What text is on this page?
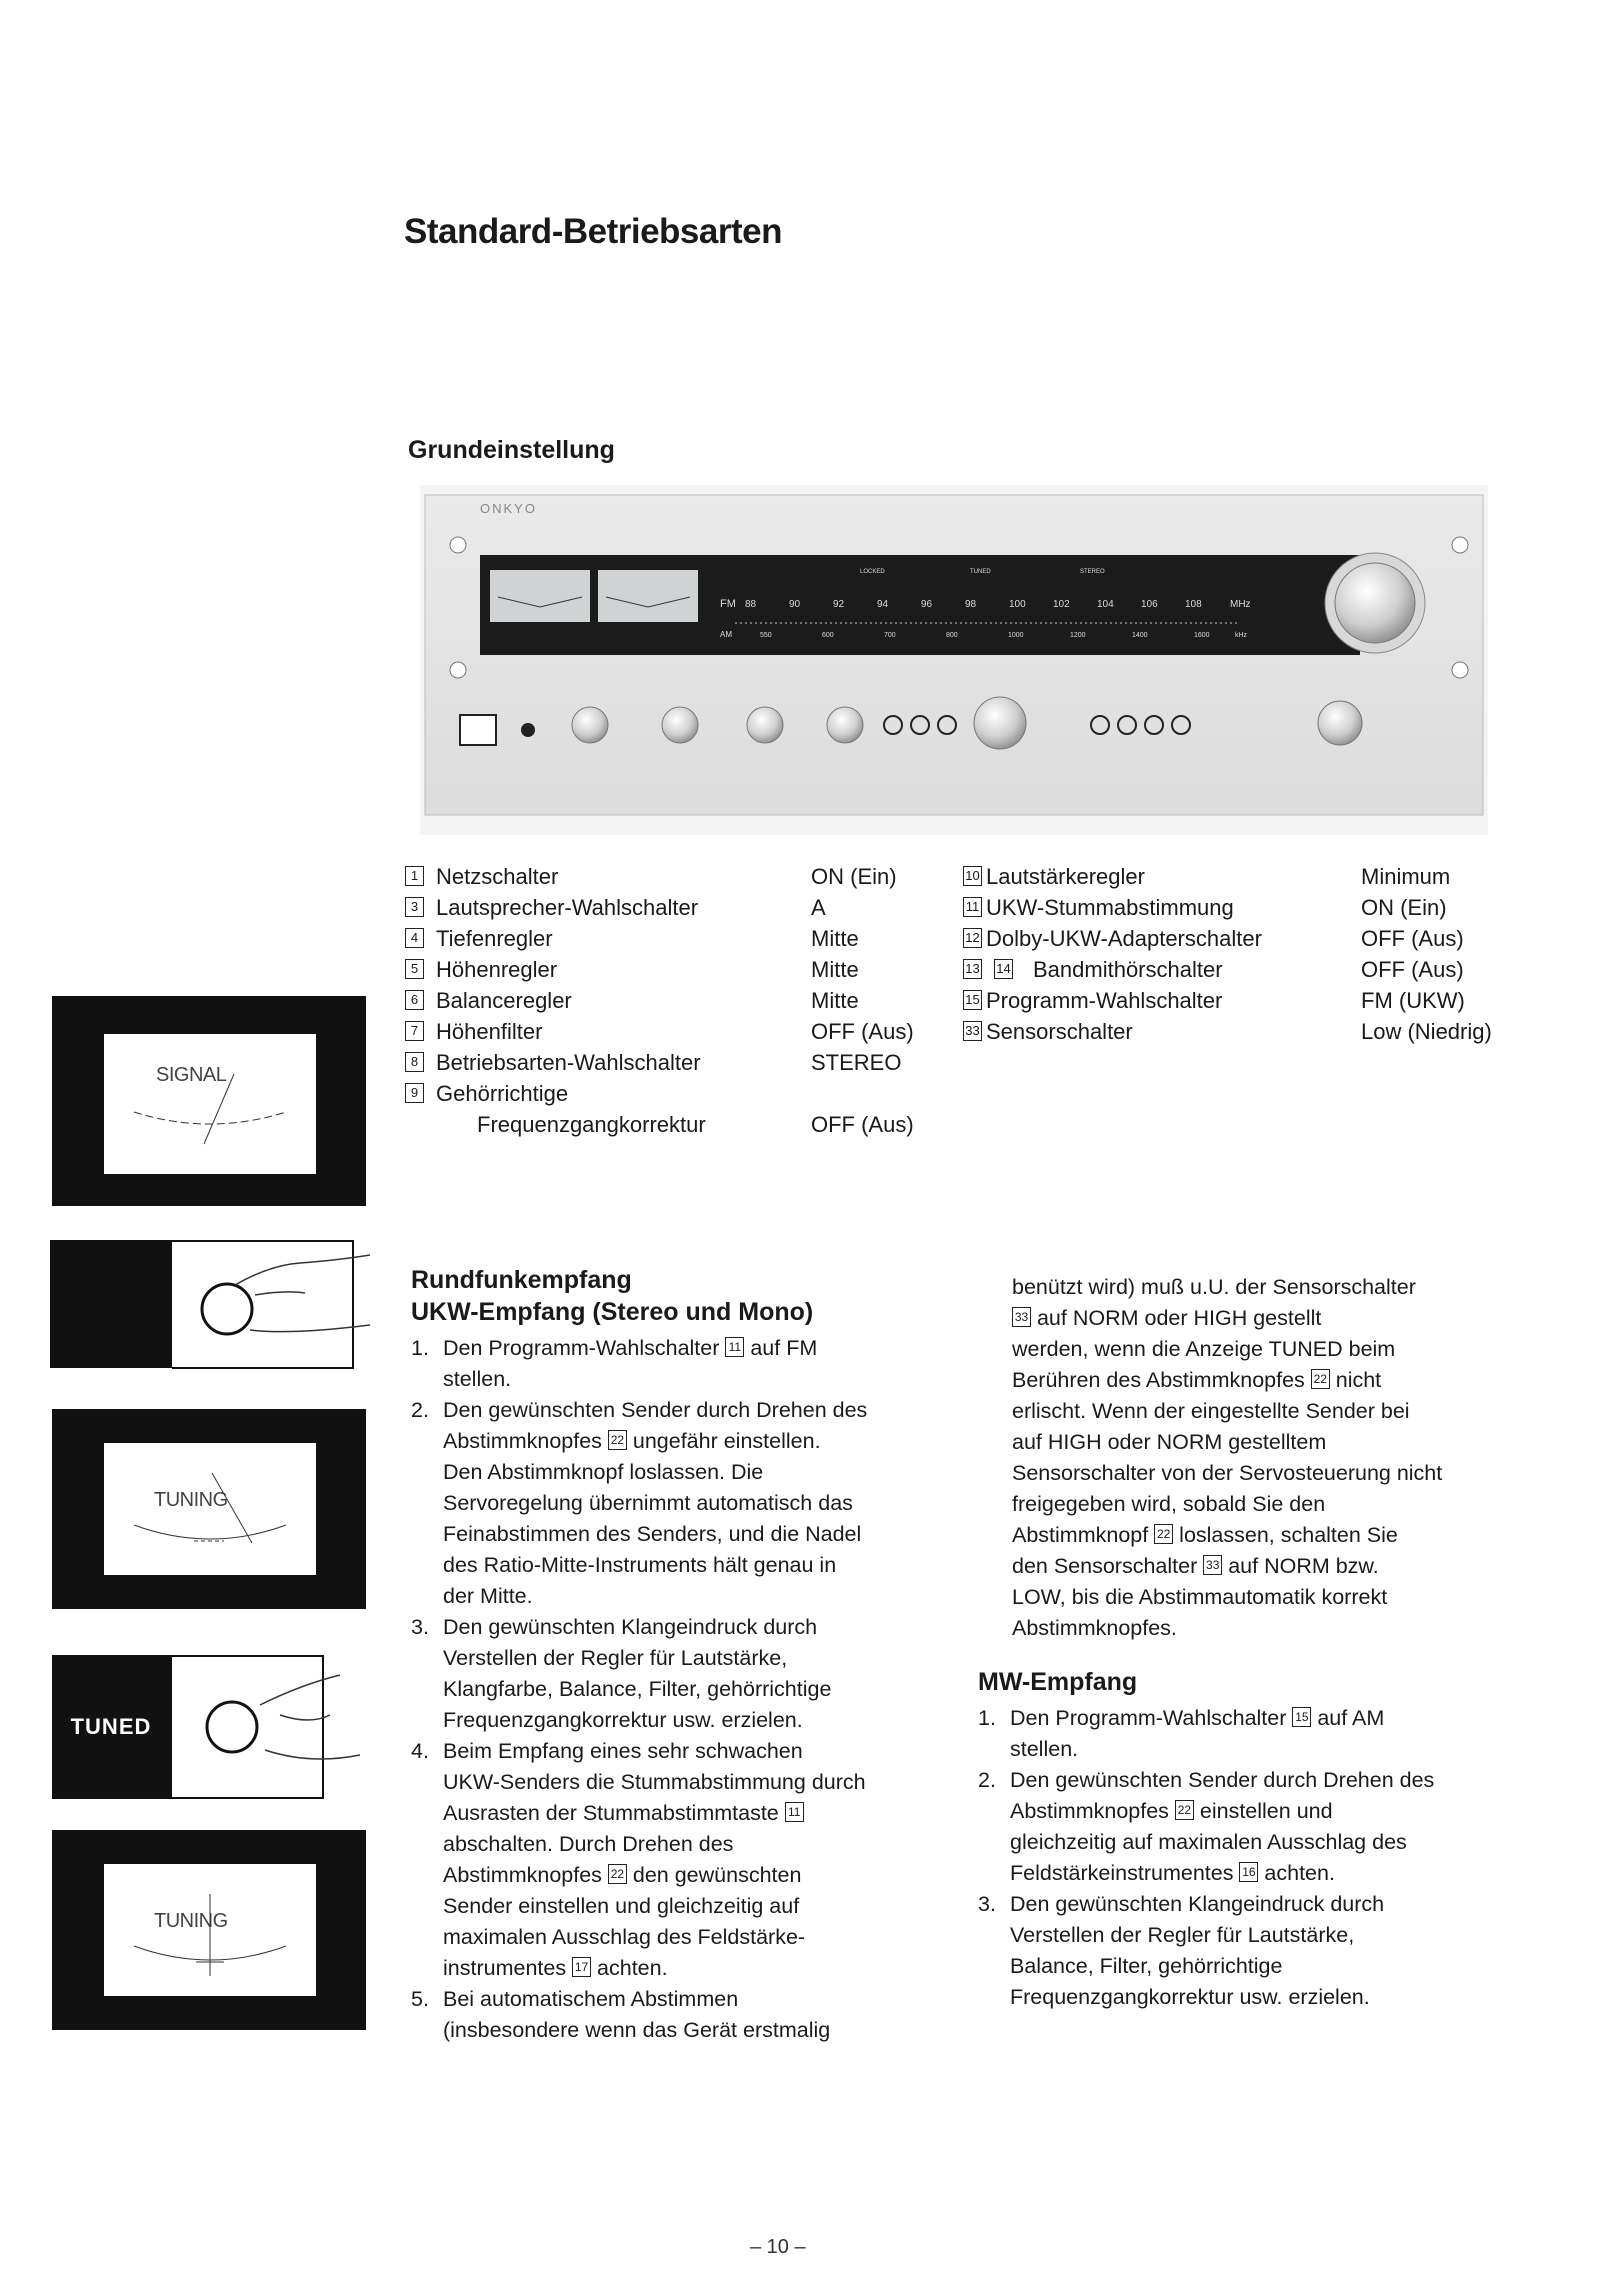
Standard-Betriebsarten
Grundeinstellung
ONKYO
FM
AM
88	90	92	94	96	98	100	102	104	106	108
550	600	700	800	1000	1200	1400	1600
MHz
kHz
LOCKED	TUNED	STEREO
1 Netzschalter	ON (Ein)
3 Lautsprecher-Wahlschalter	A
4 Tiefenregler	Mitte
5 Höhenregler	Mitte
6 Balanceregler	Mitte
7 Höhenfilter	OFF (Aus)
8 Betriebsarten-Wahlschalter	STEREO
9 Gehörrichtige
Frequenzgangkorrektur	OFF (Aus)
10 Lautstärkeregler	Minimum
11 UKW-Stummabstimmung	ON (Ein)
12 Dolby-UKW-Adapterschalter	OFF (Aus)
13 14 Bandmithörschalter	OFF (Aus)
15 Programm-Wahlschalter	FM (UKW)
33 Sensorschalter	Low (Niedrig)
SIGNAL
TUNING
TUNED
TUNING
Rundfunkempfang
UKW-Empfang (Stereo und Mono)
1. Den Programm-Wahlschalter 11 auf FM
stellen.
2. Den gewünschten Sender durch Drehen des
Abstimmknopfes 22 ungefähr einstellen.
Den Abstimmknopf loslassen. Die
Servoregelung übernimmt automatisch das
Feinabstimmen des Senders, und die Nadel
des Ratio-Mitte-Instruments hält genau in
der Mitte.
3. Den gewünschten Klangeindruck durch
Verstellen der Regler für Lautstärke,
Klangfarbe, Balance, Filter, gehörrichtige
Frequenzgangkorrektur usw. erzielen.
4. Beim Empfang eines sehr schwachen
UKW-Senders die Stummabstimmung durch
Ausrasten der Stummabstimmtaste 11
abschalten. Durch Drehen des
Abstimmknopfes 22 den gewünschten
Sender einstellen und gleichzeitig auf
maximalen Ausschlag des Feldstärke-
instrumentes 17 achten.
5. Bei automatischem Abstimmen
(insbesondere wenn das Gerät erstmalig
benützt wird) muß u.U. der Sensorschalter
33 auf NORM oder HIGH gestellt
werden, wenn die Anzeige TUNED beim
Berühren des Abstimmknopfes 22 nicht
erlischt. Wenn der eingestellte Sender bei
auf HIGH oder NORM gestelltem
Sensorschalter von der Servosteuerung nicht
freigegeben wird, sobald Sie den
Abstimmknopf 22 loslassen, schalten Sie
den Sensorschalter 33 auf NORM bzw.
LOW, bis die Abstimmautomatik korrekt
Abstimmknopfes.
MW-Empfang
1. Den Programm-Wahlschalter 15 auf AM
stellen.
2. Den gewünschten Sender durch Drehen des
Abstimmknopfes 22 einstellen und
gleichzeitig auf maximalen Ausschlag des
Feldstärkeinstrumentes 16 achten.
3. Den gewünschten Klangeindruck durch
Verstellen der Regler für Lautstärke,
Balance, Filter, gehörrichtige
Frequenzgangkorrektur usw. erzielen.
– 10 –
